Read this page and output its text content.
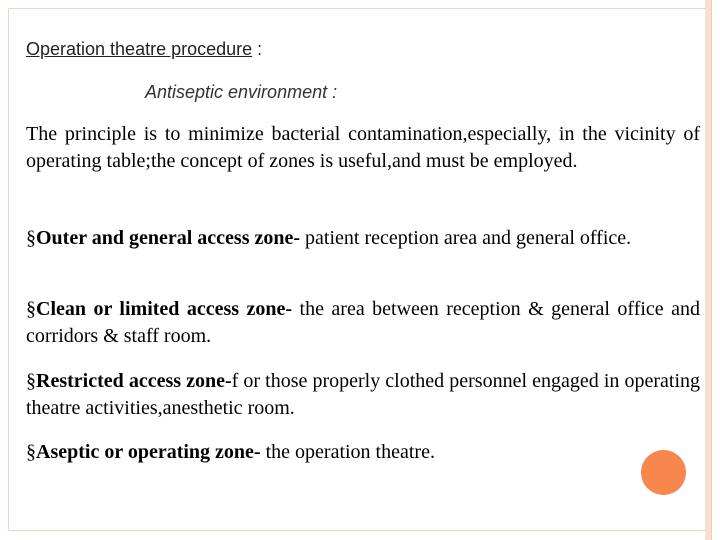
Operation theatre procedure :
Antiseptic environment :
The principle is to minimize bacterial contamination,especially, in the vicinity of operating table;the concept of zones is useful,and must be employed.
§Outer and general access zone- patient reception area and general office.
§Clean or limited access zone- the area between reception & general office and corridors & staff room.
§Restricted access zone-f or those properly clothed personnel engaged in operating theatre activities,anesthetic room.
§Aseptic or operating zone- the operation theatre.
